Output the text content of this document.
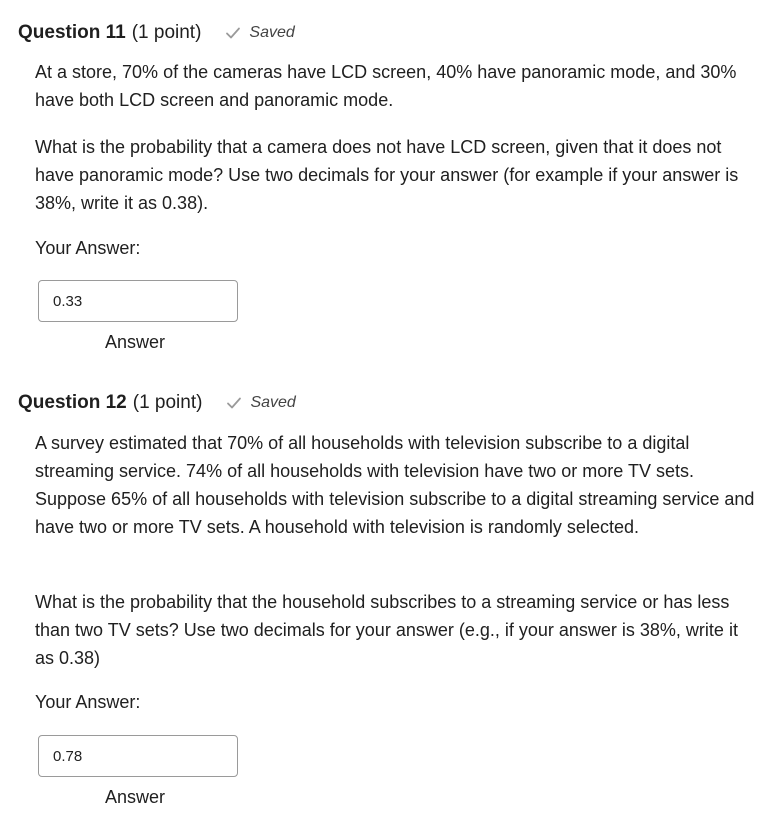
Question 11 (1 point)	Saved

At a store, 70% of the cameras have LCD screen, 40% have panoramic mode, and 30% have both LCD screen and panoramic mode.

What is the probability that a camera does not have LCD screen, given that it does not have panoramic mode? Use two decimals for your answer (for example if your answer is 38%, write it as 0.38).

Your Answer:
0.33
Answer
Question 12 (1 point)	Saved

A survey estimated that 70% of all households with television subscribe to a digital streaming service. 74% of all households with television have two or more TV sets. Suppose 65% of all households with television subscribe to a digital streaming service and have two or more TV sets. A household with television is randomly selected.

What is the probability that the household subscribes to a streaming service or has less than two TV sets? Use two decimals for your answer (e.g., if your answer is 38%, write it as 0.38)

Your Answer:
0.78
Answer
